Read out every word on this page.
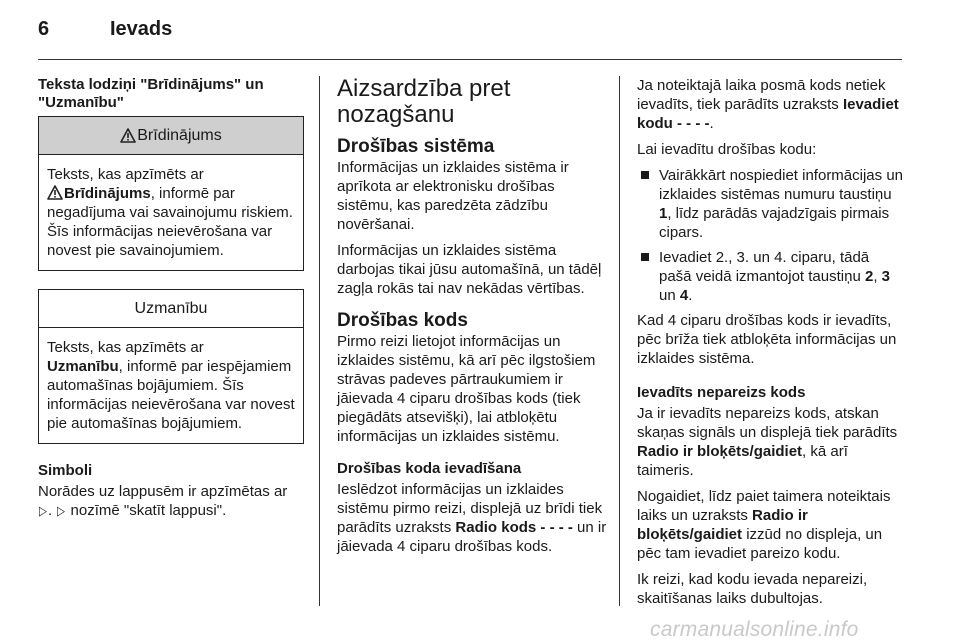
6	Ievads
Teksta lodziņi "Brīdinājums" un "Uzmanību"
Brīdinājums
Teksts, kas apzīmēts ar
Brīdinājums, informē par negadījuma vai savainojumu riskiem. Šīs informācijas neievērošana var novest pie savainojumiem.
Uzmanību
Teksts, kas apzīmēts ar
Uzmanību, informē par iespējamiem automašīnas bojājumiem. Šīs informācijas neievērošana var novest pie automašīnas bojājumiem.
Simboli

Norādes uz lappusēm ir apzīmētas ar
▷. ▷ nozīmē "skatīt lappusi".

Aizsardzība pret nozagšanu
Drošības sistēma

Informācijas un izklaides sistēma ir aprīkota ar elektronisku drošības sistēmu, kas paredzēta zādzību novēršanai.

Informācijas un izklaides sistēma darbojas tikai jūsu automašīnā, un tādēļ zagļa rokās tai nav nekādas vērtības.

Drošības kods

Pirmo reizi lietojot informācijas un izklaides sistēmu, kā arī pēc ilgstošiem strāvas padeves pārtraukumiem ir jāievada 4 ciparu drošības kods (tiek piegādāts atsevišķi), lai atbloķētu informācijas un izklaides sistēmu.

Drošības koda ievadīšana

Ieslēdzot informācijas un izklaides sistēmu pirmo reizi, displejā uz brīdi tiek parādīts uzraksts Radio kods - - - - un ir jāievada 4 ciparu drošības kods.

Ja noteiktajā laika posmā kods netiek ievadīts, tiek parādīts uzraksts Ievadiet kodu - - - -.

Lai ievadītu drošības kodu:

Vairākkārt nospiediet informācijas un izklaides sistēmas numuru taustiņu 1, līdz parādās vajadzīgais pirmais cipars.
Ievadiet 2., 3. un 4. ciparu, tādā pašā veidā izmantojot taustiņu 2, 3 un 4.

Kad 4 ciparu drošības kods ir ievadīts, pēc brīža tiek atbloķēta informācijas un izklaides sistēma.

Ievadīts nepareizs kods

Ja ir ievadīts nepareizs kods, atskan skaņas signāls un displejā tiek parādīts Radio ir bloķēts/gaidiet, kā arī taimeris.

Nogaidiet, līdz paiet taimera noteiktais laiks un uzraksts Radio ir bloķēts/gaidiet izzūd no displeja, un pēc tam ievadiet pareizo kodu.

Ik reizi, kad kodu ievada nepareizi, skaitīšanas laiks dubultojas.

carmanualsonline.info
